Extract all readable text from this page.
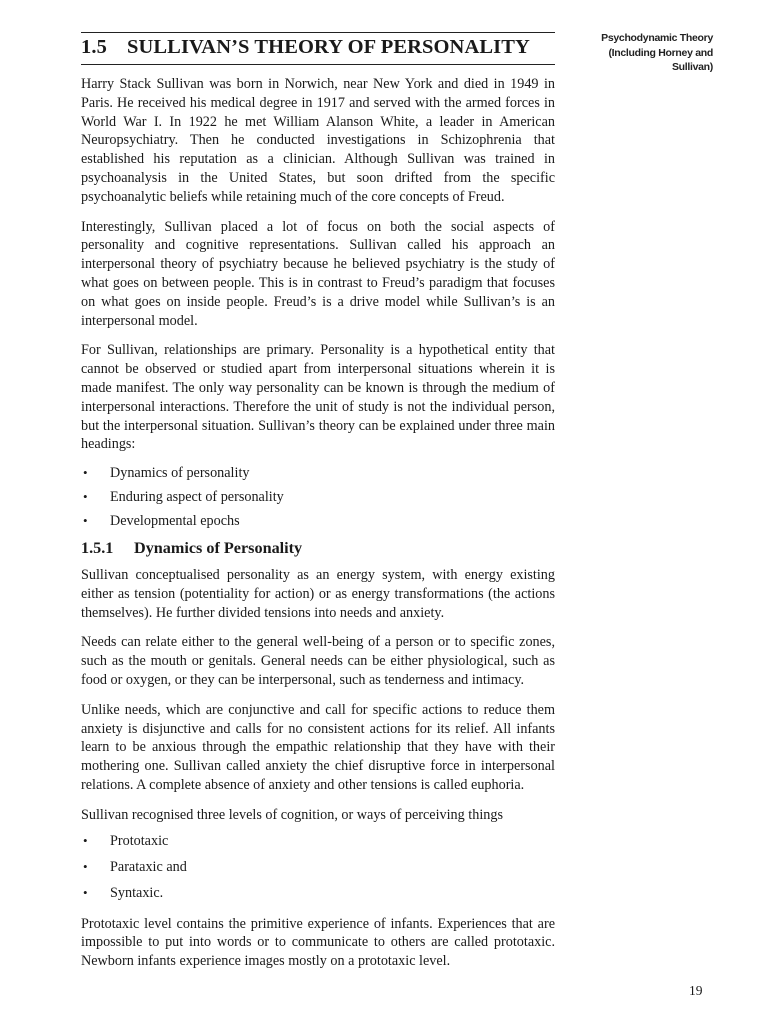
1.5 SULLIVAN’S THEORY OF PERSONALITY	Psychodynamic Theory
(Including Horney and
Sullivan)

Harry Stack Sullivan was born in Norwich, near New York and died in 1949 in Paris. He received his medical degree in 1917 and served with the armed forces in World War I. In 1922 he met William Alanson White, a leader in American Neuropsychiatry. Then he conducted investigations in Schizophrenia that established his reputation as a clinician. Although Sullivan was trained in psychoanalysis in the United States, but soon drifted from the specific psychoanalytic beliefs while retaining much of the core concepts of Freud.

Interestingly, Sullivan placed a lot of focus on both the social aspects of personality and cognitive representations. Sullivan called his approach an interpersonal theory of psychiatry because he believed psychiatry is the study of what goes on between people. This is in contrast to Freud’s paradigm that focuses on what goes on inside people. Freud’s is a drive model while Sullivan’s is an interpersonal model.

For Sullivan, relationships are primary. Personality is a hypothetical entity that cannot be observed or studied apart from interpersonal situations wherein it is made manifest. The only way personality can be known is through the medium of interpersonal interactions. Therefore the unit of study is not the individual person, but the interpersonal situation. Sullivan’s theory can be explained under three main headings:

• Dynamics of personality
• Enduring aspect of personality
• Developmental epochs
1.5.1 Dynamics of Personality

Sullivan conceptualised personality as an energy system, with energy existing either as tension (potentiality for action) or as energy transformations (the actions themselves). He further divided tensions into needs and anxiety.

Needs can relate either to the general well-being of a person or to specific zones, such as the mouth or genitals. General needs can be either physiological, such as food or oxygen, or they can be interpersonal, such as tenderness and intimacy.

Unlike needs, which are conjunctive and call for specific actions to reduce them anxiety is disjunctive and calls for no consistent actions for its relief. All infants learn to be anxious through the empathic relationship that they have with their mothering one. Sullivan called anxiety the chief disruptive force in interpersonal relations. A complete absence of anxiety and other tensions is called euphoria.

Sullivan recognised three levels of cognition, or ways of perceiving things

• Prototaxic
• Parataxic and
• Syntaxic.

Prototaxic level contains the primitive experience of infants. Experiences that are impossible to put into words or to communicate to others are called prototaxic. Newborn infants experience images mostly on a prototaxic level.

19
